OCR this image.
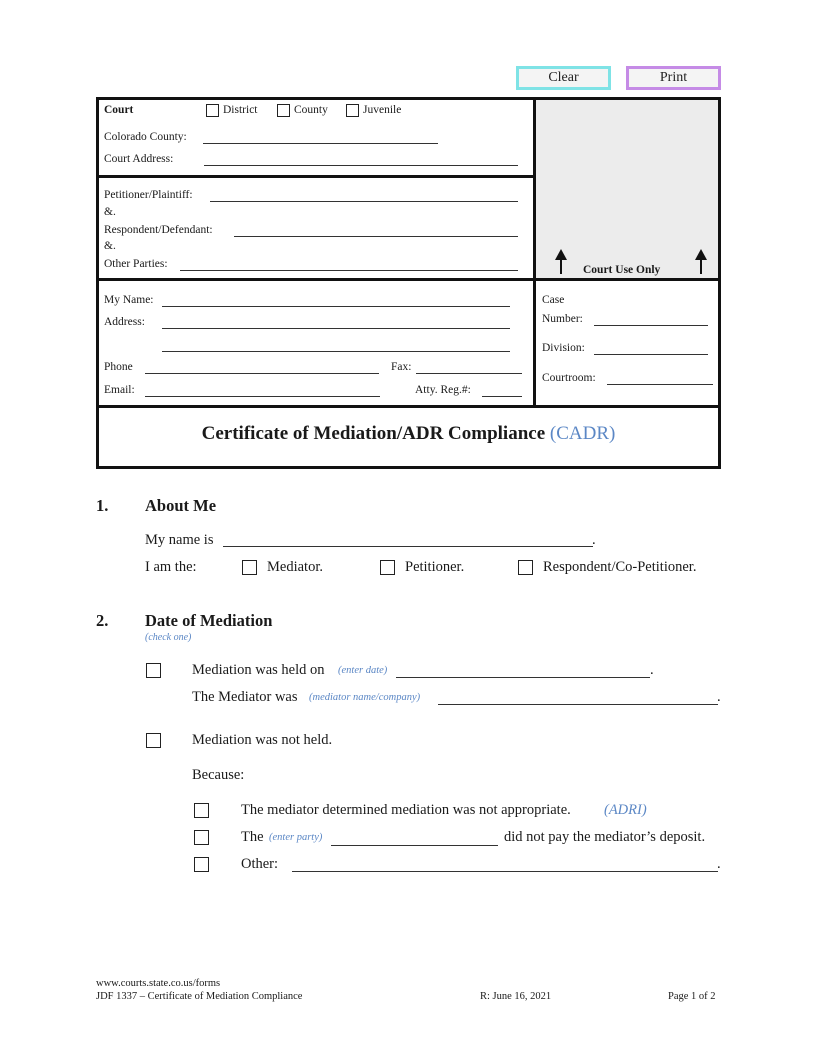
Clear	Print
Court	District	County	Juvenile
Colorado County:
Court Address:
Petitioner/Plaintiff:
&.
Respondent/Defendant:
&.
Other Parties:	Court Use Only
My Name:
Address:
Phone	Fax:
Email:	Atty. Reg.#:
Case
Number:
Division:
Courtroom:
Certificate of Mediation/ADR Compliance (CADR)
1. About Me
My name is	.
I am the:	Mediator.	Petitioner.	Respondent/Co-Petitioner.
2. Date of Mediation
(check one)
Mediation was held on (enter date)	.
The Mediator was (mediator name/company)	.
Mediation was not held.
Because:
The mediator determined mediation was not appropriate. (ADRI)
The (enter party)	did not pay the mediator’s deposit.
Other:	.
www.courts.state.co.us/forms
JDF 1337 – Certificate of Mediation Compliance	R: June 16, 2021	Page 1 of 2
